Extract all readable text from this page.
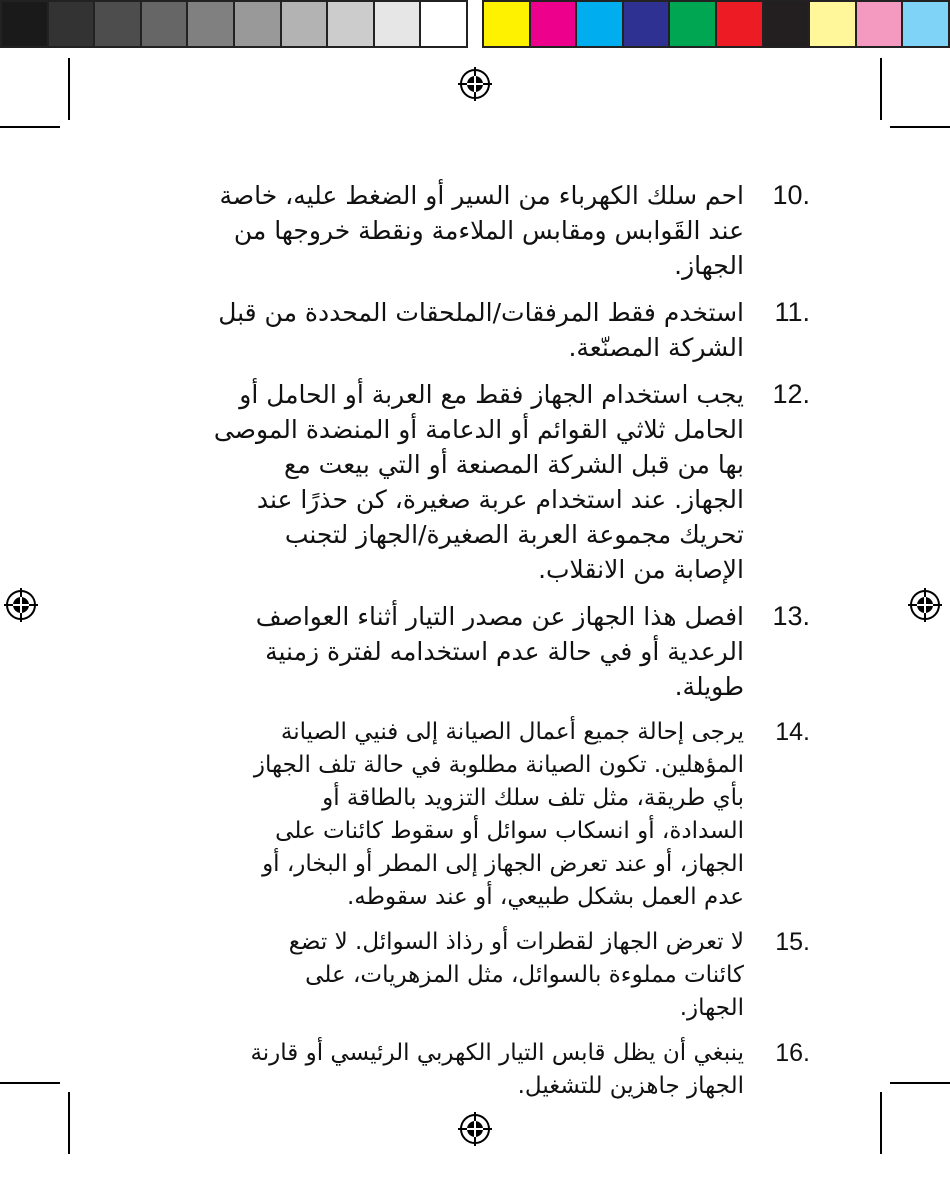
10.
احم سلك الكهرباء من السير أو الضغط عليه، خاصة عند القَوابس ومقابس الملاءمة ونقطة خروجها من الجهاز.
11.
استخدم فقط المرفقات/الملحقات المحددة من قبل الشركة المصنّعة.
12.
يجب استخدام الجهاز فقط مع العربة أو الحامل أو الحامل ثلاثي القوائم أو الدعامة أو المنضدة الموصى بها من قبل الشركة المصنعة أو التي بيعت مع الجهاز. عند استخدام عربة صغيرة، كن حذرًا عند تحريك مجموعة العربة الصغيرة/الجهاز لتجنب الإصابة من الانقلاب.
13.
افصل هذا الجهاز عن مصدر التيار أثناء العواصف الرعدية أو في حالة عدم استخدامه لفترة زمنية طويلة.
14.
يرجى إحالة جميع أعمال الصيانة إلى فنيي الصيانة المؤهلين. تكون الصيانة مطلوبة في حالة تلف الجهاز بأي طريقة، مثل تلف سلك التزويد بالطاقة أو السدادة، أو انسكاب سوائل أو سقوط كائنات على الجهاز، أو عند تعرض الجهاز إلى المطر أو البخار، أو عدم العمل بشكل طبيعي، أو عند سقوطه.
15.
لا تعرض الجهاز لقطرات أو رذاذ السوائل. لا تضع كائنات مملوءة بالسوائل، مثل المزهريات، على الجهاز.
16.
ينبغي أن يظل قابس التيار الكهربي الرئيسي أو قارنة الجهاز جاهزين للتشغيل.
